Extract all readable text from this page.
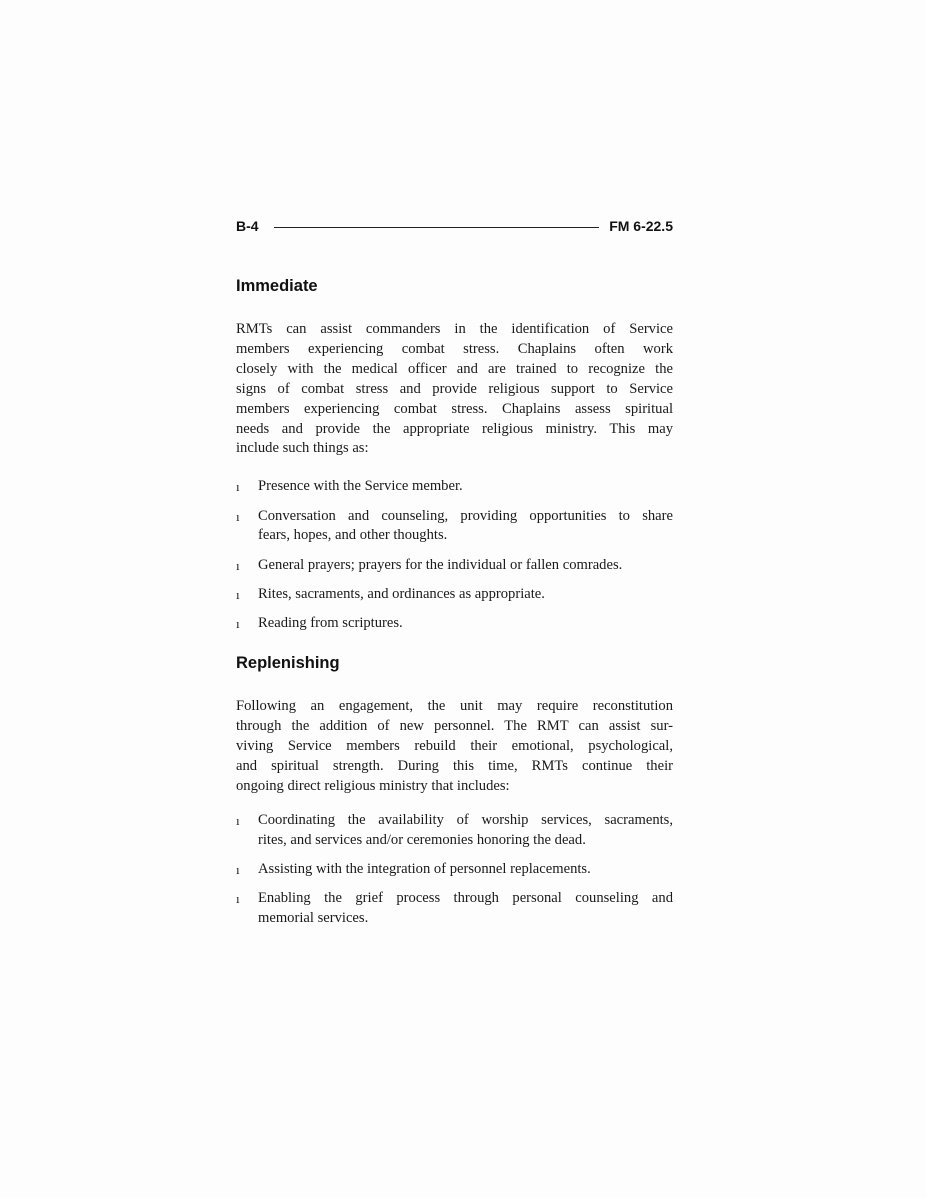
B-4	FM 6-22.5
Immediate
RMTs can assist commanders in the identification of Service
members experiencing combat stress. Chaplains often work
closely with the medical officer and are trained to recognize the
signs of combat stress and provide religious support to Service
members experiencing combat stress. Chaplains assess spiritual
needs and provide the appropriate religious ministry. This may
include such things as:
ı	Presence with the Service member.
ı	Conversation and counseling, providing opportunities to share
fears, hopes, and other thoughts.
ı	General prayers; prayers for the individual or fallen comrades.
ı	Rites, sacraments, and ordinances as appropriate.
ı	Reading from scriptures.
Replenishing
Following an engagement, the unit may require reconstitution
through the addition of new personnel. The RMT can assist sur-
viving Service members rebuild their emotional, psychological,
and spiritual strength. During this time, RMTs continue their
ongoing direct religious ministry that includes:
ı	Coordinating the availability of worship services, sacraments,
rites, and services and/or ceremonies honoring the dead.
ı	Assisting with the integration of personnel replacements.
ı	Enabling the grief process through personal counseling and
memorial services.
